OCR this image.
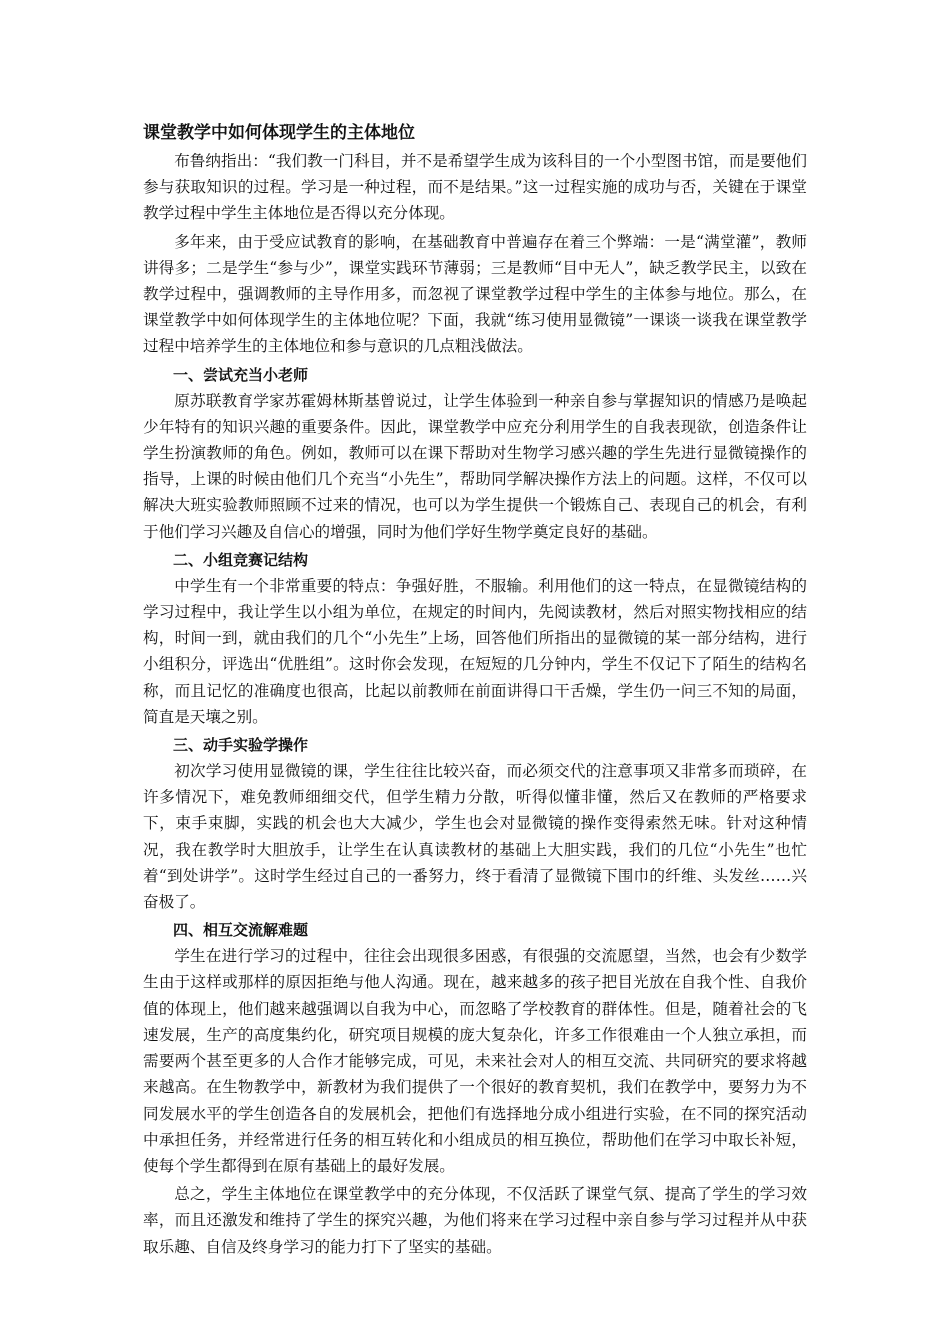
课堂教学中如何体现学生的主体地位

布鲁纳指出：“我们教一门科目，并不是希望学生成为该科目的一个小型图书馆，而是要他们参与获取知识的过程。学习是一种过程，而不是结果。”这一过程实施的成功与否，关键在于课堂教学过程中学生主体地位是否得以充分体现。

多年来，由于受应试教育的影响，在基础教育中普遍存在着三个弊端：一是“满堂灌”，教师讲得多；二是学生“参与少”，课堂实践环节薄弱；三是教师“目中无人”，缺乏教学民主，以致在教学过程中，强调教师的主导作用多，而忽视了课堂教学过程中学生的主体参与地位。那么，在课堂教学中如何体现学生的主体地位呢？下面，我就“练习使用显微镜”一课谈一谈我在课堂教学过程中培养学生的主体地位和参与意识的几点粗浅做法。

一、尝试充当小老师

原苏联教育学家苏霍姆林斯基曾说过，让学生体验到一种亲自参与掌握知识的情感乃是唤起少年特有的知识兴趣的重要条件。因此，课堂教学中应充分利用学生的自我表现欲，创造条件让学生扮演教师的角色。例如，教师可以在课下帮助对生物学习感兴趣的学生先进行显微镜操作的指导，上课的时候由他们几个充当“小先生”，帮助同学解决操作方法上的问题。这样，不仅可以解决大班实验教师照顾不过来的情况，也可以为学生提供一个锻炼自己、表现自己的机会，有利于他们学习兴趣及自信心的增强，同时为他们学好生物学奠定良好的基础。

二、小组竞赛记结构

中学生有一个非常重要的特点：争强好胜，不服输。利用他们的这一特点，在显微镜结构的学习过程中，我让学生以小组为单位，在规定的时间内，先阅读教材，然后对照实物找相应的结构，时间一到，就由我们的几个“小先生”上场，回答他们所指出的显微镜的某一部分结构，进行小组积分，评选出“优胜组”。这时你会发现，在短短的几分钟内，学生不仅记下了陌生的结构名称，而且记忆的准确度也很高，比起以前教师在前面讲得口干舌燥，学生仍一问三不知的局面，简直是天壤之别。

三、动手实验学操作

初次学习使用显微镜的课，学生往往比较兴奋，而必须交代的注意事项又非常多而琐碎，在许多情况下，难免教师细细交代，但学生精力分散，听得似懂非懂，然后又在教师的严格要求下，束手束脚，实践的机会也大大减少，学生也会对显微镜的操作变得索然无味。针对这种情况，我在教学时大胆放手，让学生在认真读教材的基础上大胆实践，我们的几位“小先生”也忙着“到处讲学”。这时学生经过自己的一番努力，终于看清了显微镜下围巾的纤维、头发丝……兴奋极了。

四、相互交流解难题

学生在进行学习的过程中，往往会出现很多困惑，有很强的交流愿望，当然，也会有少数学生由于这样或那样的原因拒绝与他人沟通。现在，越来越多的孩子把目光放在自我个性、自我价值的体现上，他们越来越强调以自我为中心，而忽略了学校教育的群体性。但是，随着社会的飞速发展，生产的高度集约化，研究项目规模的庞大复杂化，许多工作很难由一个人独立承担，而需要两个甚至更多的人合作才能够完成，可见，未来社会对人的相互交流、共同研究的要求将越来越高。在生物教学中，新教材为我们提供了一个很好的教育契机，我们在教学中，要努力为不同发展水平的学生创造各自的发展机会，把他们有选择地分成小组进行实验，在不同的探究活动中承担任务，并经常进行任务的相互转化和小组成员的相互换位，帮助他们在学习中取长补短，使每个学生都得到在原有基础上的最好发展。

总之，学生主体地位在课堂教学中的充分体现，不仅活跃了课堂气氛、提高了学生的学习效率，而且还激发和维持了学生的探究兴趣，为他们将来在学习过程中亲自参与学习过程并从中获取乐趣、自信及终身学习的能力打下了坚实的基础。
